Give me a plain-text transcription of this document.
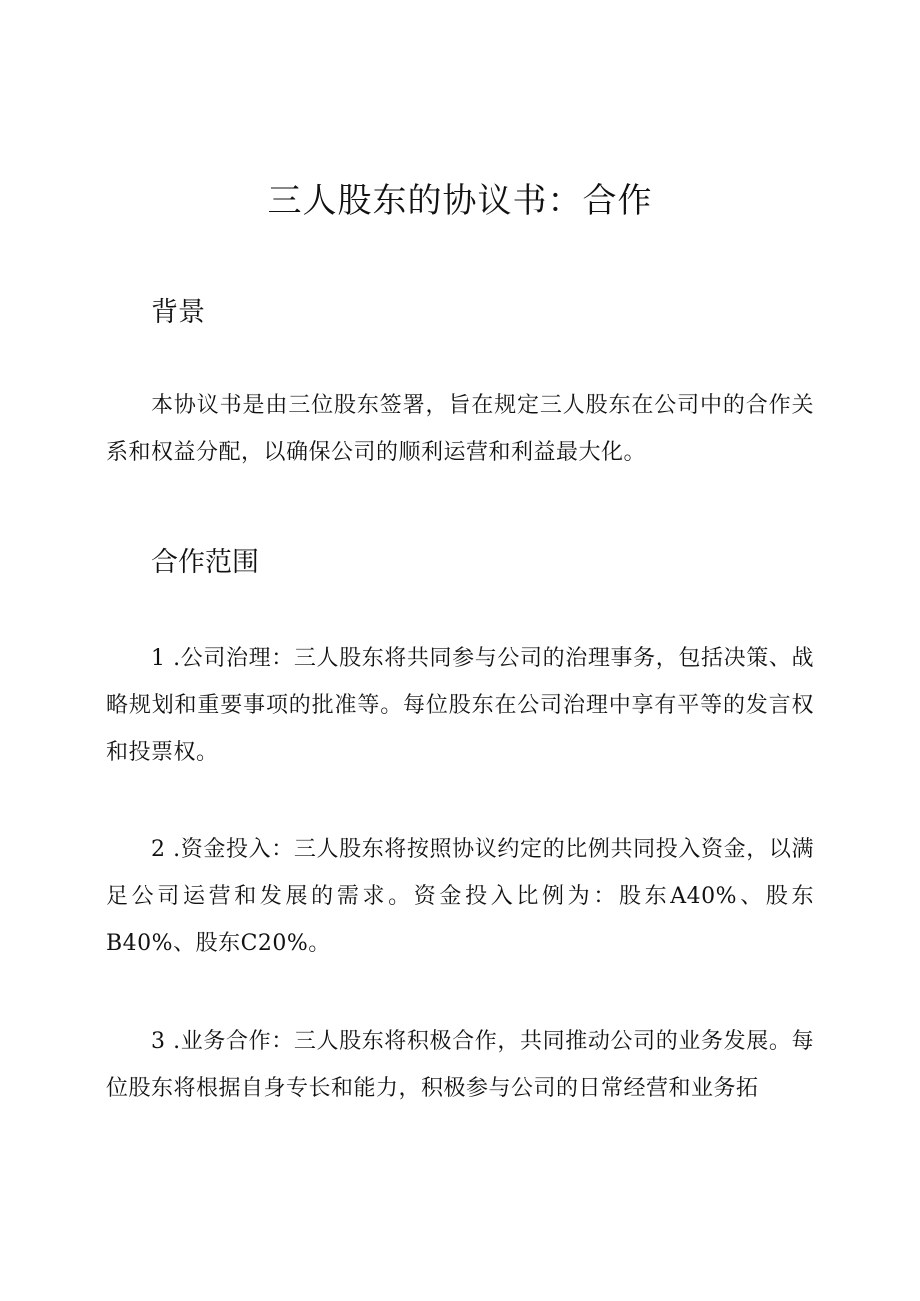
三人股东的协议书：合作
背景

本协议书是由三位股东签署，旨在规定三人股东在公司中的合作关系和权益分配，以确保公司的顺利运营和利益最大化。

合作范围

1 .公司治理：三人股东将共同参与公司的治理事务，包括决策、战略规划和重要事项的批准等。每位股东在公司治理中享有平等的发言权和投票权。

2 .资金投入：三人股东将按照协议约定的比例共同投入资金，以满足公司运营和发展的需求。资金投入比例为：股东A40%、股东B40%、股东C20%。

3 .业务合作：三人股东将积极合作，共同推动公司的业务发展。每位股东将根据自身专长和能力，积极参与公司的日常经营和业务拓
